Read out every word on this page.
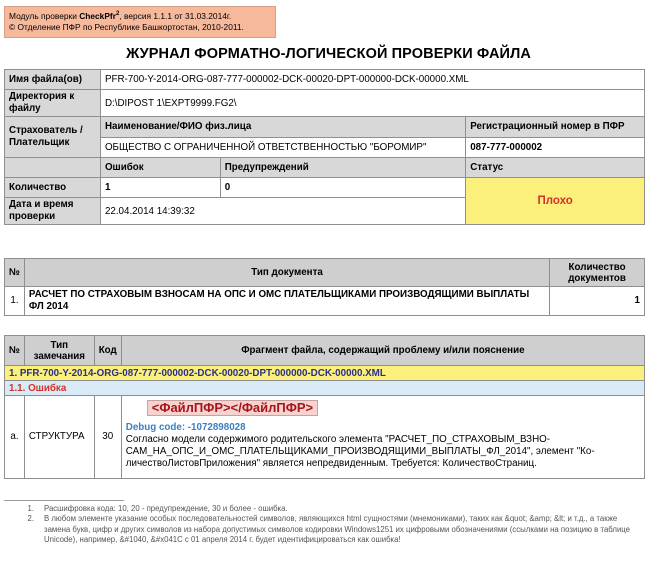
Модуль проверки CheckPfr$^2$, версия 1.1.1 от 31.03.2014г.
© Отделение ПФР по Республике Башкортостан, 2010-2011.
ЖУРНАЛ ФОРМАТНО-ЛОГИЧЕСКОЙ ПРОВЕРКИ ФАЙЛА
Имя файла(ов)	PFR-700-Y-2014-ORG-087-777-000002-DCK-00020-DPT-000000-DCK-00000.XML		
Директория к файлу	D:\DIPOST 1\EXPT9999.FG2\		
Страхователь / Плательщик	Наименование/ФИО физ.лица		Регистрационный номер в ПФР
	ОБЩЕСТВО С ОГРАНИЧЕННОЙ ОТВЕТСТВЕННОСТЬЮ "БОРОМИР"		087-777-000002
	Ошибок	Предупреждений	Статус
Количество	1	0	Плохо
Дата и время проверки	22.04.2014 14:39:32		
№	Тип документа	Количество документов
1.	РАСЧЕТ ПО СТРАХОВЫМ ВЗНОСАМ НА ОПС И ОМС ПЛАТЕЛЬЩИКАМИ ПРОИЗВОДЯЩИМИ ВЫПЛАТЫ ФЛ 2014	1
№	Тип замечания	Код	Фрагмент файла, содержащий проблему и/или пояснение
1. PFR-700-Y-2014-ORG-087-777-000002-DCK-00020-DPT-000000-DCK-00000.XML			
1.1. Ошибка			
а.	СТРУКТУРА	30	<ФайлПФР></ФайлПФР>
Debug code: -1072898028
Согласно модели содержимого родительского элемента "РАСЧЕТ_ПО_СТРАХОВЫМ_ВЗНО-САМ_НА_ОПС_И_ОМС_ПЛАТЕЛЬЩИКАМИ_ПРОИЗВОДЯЩИМИ_ВЫПЛАТЫ_ФЛ_2014", элемент "Ко-личествоЛистовПриложения" является непредвиденным. Требуется: КоличествоСтраниц.
1.	Расшифровка кода: 10, 20 - предупреждение, 30 и более - ошибка.
2.	В любом элементе указание особых последовательностей символов, являющихся html сущностями (мнемониками), таких как &quot; &amp; &lt; и т.д., а также замена букв, цифр и других символов из набора допустимых символов кодировки Windows1251 их цифровыми обозначениями (ссылками на позицию в таблице Unicode), например, &#1040, &#x041C с 01 апреля 2014 г. будет идентифицироваться как ошибка!
